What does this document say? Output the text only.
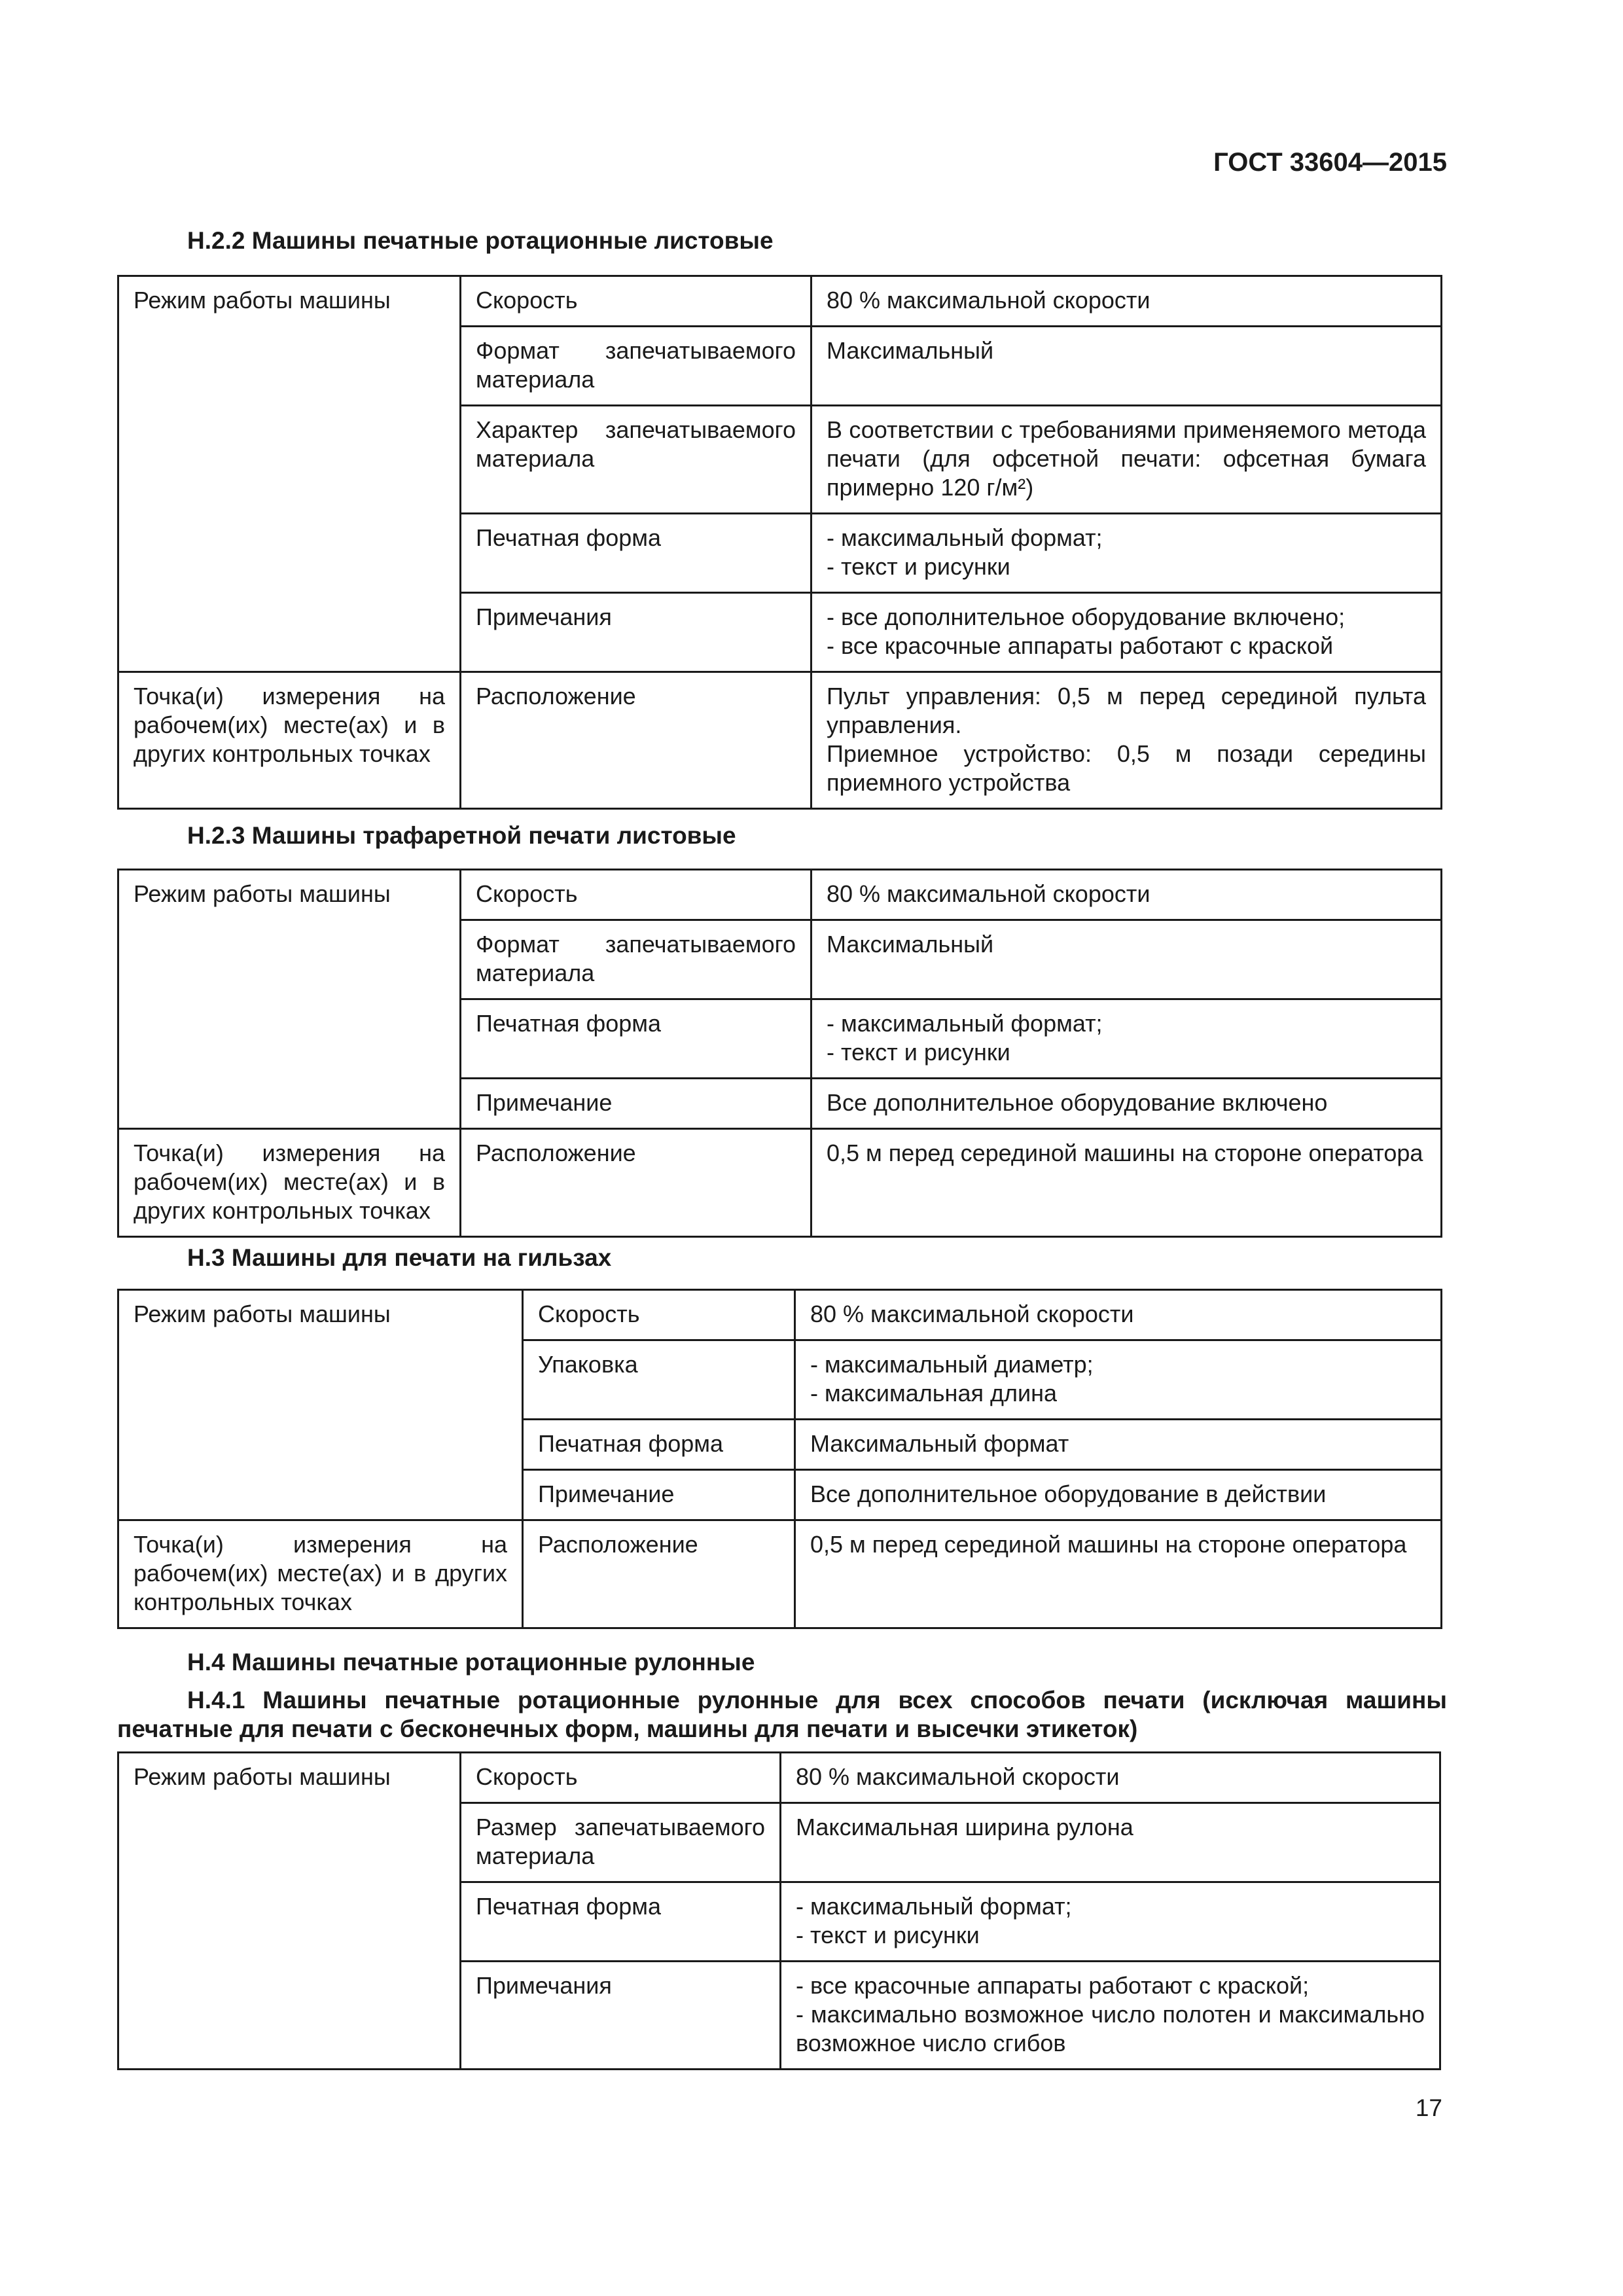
ГОСТ 33604—2015
Н.2.2 Машины печатные ротационные листовые
Режим работы машины	Скорость	80 % максимальной скорости

	Формат запечатываемого материала	Максимальный

	Характер запечатываемого материала	В соответствии с требованиями применяемого метода печати (для офсетной печати: офсетная бумага примерно 120 г/м²)

	Печатная форма	- максимальный формат;
- текст и рисунки

	Примечания	- все дополнительное оборудование включено;
- все красочные аппараты работают с краской

Точка(и) измерения на рабочем(их) месте(ах) и в других контрольных точках	Расположение	Пульт управления: 0,5 м перед серединой пульта управления.
Приемное устройство: 0,5 м позади середины приемного устройства
Н.2.3 Машины трафаретной печати листовые
Режим работы машины	Скорость	80 % максимальной скорости

	Формат запечатываемого материала	Максимальный

	Печатная форма	- максимальный формат;
- текст и рисунки

	Примечание	Все дополнительное оборудование включено

Точка(и) измерения на рабочем(их) месте(ах) и в других контрольных точках	Расположение	0,5 м перед серединой машины на стороне оператора
Н.3 Машины для печати на гильзах
Режим работы машины	Скорость	80 % максимальной скорости

	Упаковка	- максимальный диаметр;
- максимальная длина

	Печатная форма	Максимальный формат

	Примечание	Все дополнительное оборудование в действии

Точка(и) измерения на рабочем(их) месте(ах) и в других контрольных точках	Расположение	0,5 м перед серединой машины на стороне оператора
Н.4 Машины печатные ротационные рулонные
Н.4.1 Машины печатные ротационные рулонные для всех способов печати (исключая машины печатные для печати с бесконечных форм, машины для печати и высечки этикеток)
Режим работы машины	Скорость	80 % максимальной скорости

	Размер запечатываемого материала	Максимальная ширина рулона

	Печатная форма	- максимальный формат;
- текст и рисунки

	Примечания	- все красочные аппараты работают с краской;
- максимально возможное число полотен и максимально возможное число сгибов
17
